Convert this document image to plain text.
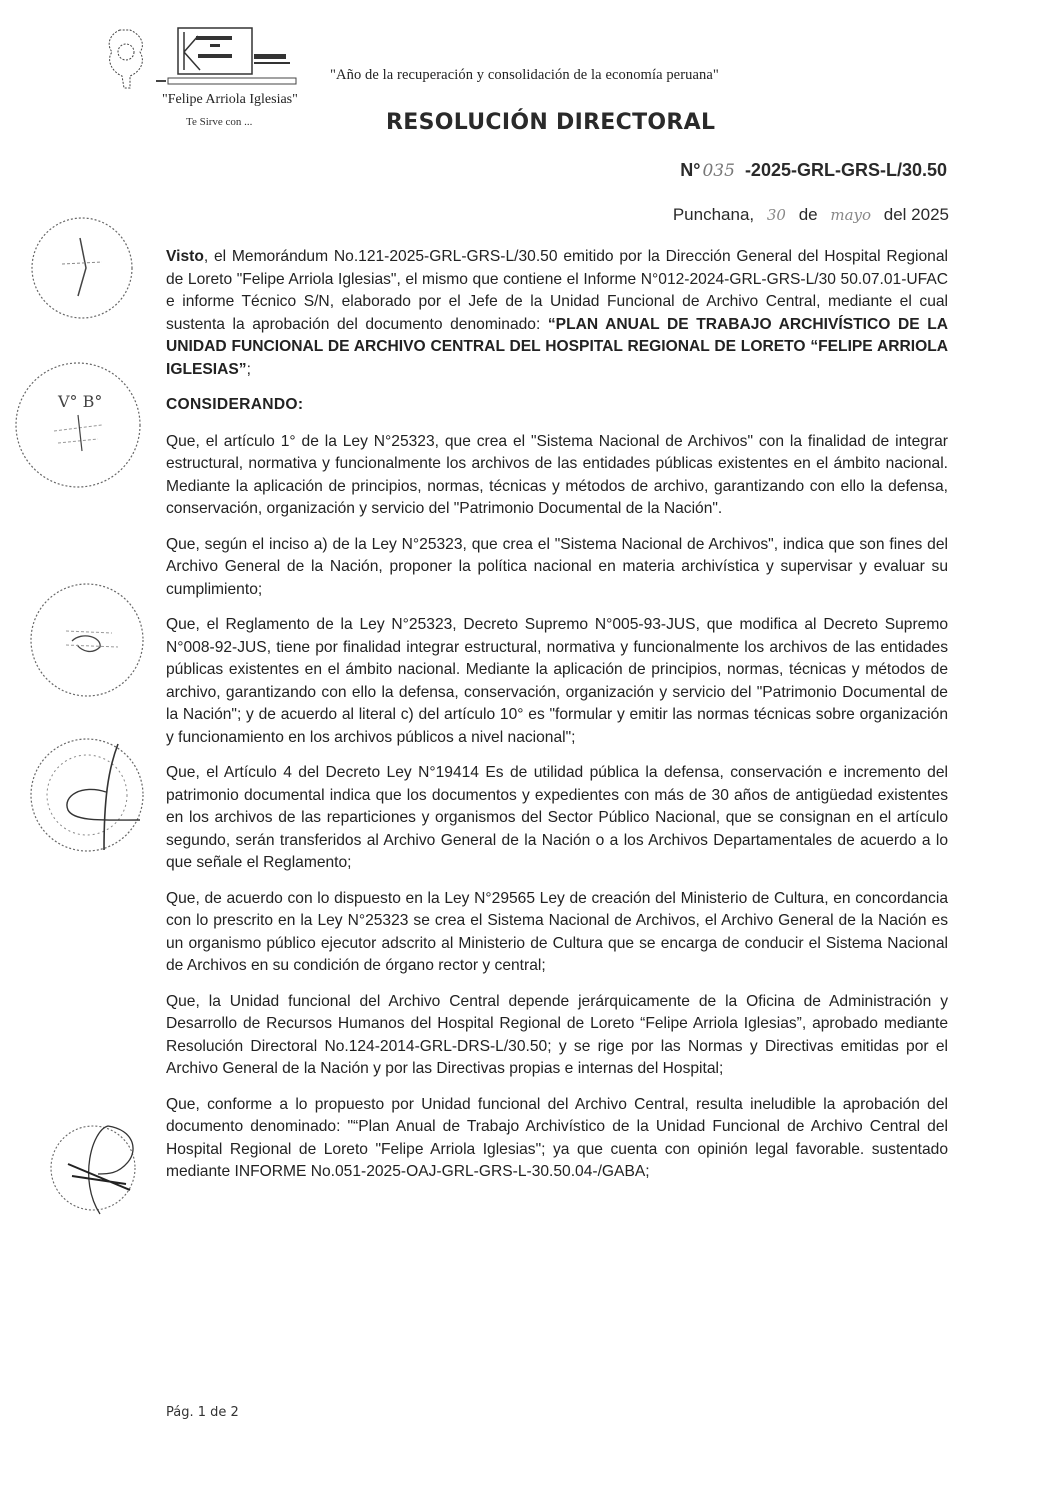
"Felipe Arriola Iglesias"
Te Sirve con ...
"Año de la recuperación y consolidación de la economía peruana"
RESOLUCIÓN DIRECTORAL
N° 035 -2025-GRL-GRS-L/30.50
Punchana, 30 de mayo del 2025
V° B°

Visto, el Memorándum No.121-2025-GRL-GRS-L/30.50 emitido por la Dirección General del Hospital Regional de Loreto "Felipe Arriola Iglesias", el mismo que contiene el Informe N°012-2024-GRL-GRS-L/30 50.07.01-UFAC e informe Técnico S/N, elaborado por el Jefe de la Unidad Funcional de Archivo Central, mediante el cual sustenta la aprobación del documento denominado: “PLAN ANUAL DE TRABAJO ARCHIVÍSTICO DE LA UNIDAD FUNCIONAL DE ARCHIVO CENTRAL DEL HOSPITAL REGIONAL DE LORETO “FELIPE ARRIOLA IGLESIAS”;

CONSIDERANDO:

Que, el artículo 1° de la Ley N°25323, que crea el "Sistema Nacional de Archivos" con la finalidad de integrar estructural, normativa y funcionalmente los archivos de las entidades públicas existentes en el ámbito nacional. Mediante la aplicación de principios, normas, técnicas y métodos de archivo, garantizando con ello la defensa, conservación, organización y servicio del "Patrimonio Documental de la Nación".

Que, según el inciso a) de la Ley N°25323, que crea el "Sistema Nacional de Archivos", indica que son fines del Archivo General de la Nación, proponer la política nacional en materia archivística y supervisar y evaluar su cumplimiento;

Que, el Reglamento de la Ley N°25323, Decreto Supremo N°005-93-JUS, que modifica al Decreto Supremo N°008-92-JUS, tiene por finalidad integrar estructural, normativa y funcionalmente los archivos de las entidades públicas existentes en el ámbito nacional. Mediante la aplicación de principios, normas, técnicas y métodos de archivo, garantizando con ello la defensa, conservación, organización y servicio del "Patrimonio Documental de la Nación"; y de acuerdo al literal c) del artículo 10° es "formular y emitir las normas técnicas sobre organización y funcionamiento en los archivos públicos a nivel nacional";

Que, el Artículo 4 del Decreto Ley N°19414 Es de utilidad pública la defensa, conservación e incremento del patrimonio documental indica que los documentos y expedientes con más de 30 años de antigüedad existentes en los archivos de las reparticiones y organismos del Sector Público Nacional, que se consignan en el artículo segundo, serán transferidos al Archivo General de la Nación o a los Archivos Departamentales de acuerdo a lo que señale el Reglamento;

Que, de acuerdo con lo dispuesto en la Ley N°29565 Ley de creación del Ministerio de Cultura, en concordancia con lo prescrito en la Ley N°25323 se crea el Sistema Nacional de Archivos, el Archivo General de la Nación es un organismo público ejecutor adscrito al Ministerio de Cultura que se encarga de conducir el Sistema Nacional de Archivos en su condición de órgano rector y central;

Que, la Unidad funcional del Archivo Central depende jerárquicamente de la Oficina de Administración y Desarrollo de Recursos Humanos del Hospital Regional de Loreto “Felipe Arriola Iglesias”, aprobado mediante Resolución Directoral No.124-2014-GRL-DRS-L/30.50; y se rige por las Normas y Directivas emitidas por el Archivo General de la Nación y por las Directivas propias e internas del Hospital;

Que, conforme a lo propuesto por Unidad funcional del Archivo Central, resulta ineludible la aprobación del documento denominado: "“Plan Anual de Trabajo Archivístico de la Unidad Funcional de Archivo Central del Hospital Regional de Loreto "Felipe Arriola Iglesias"; ya que cuenta con opinión legal favorable. sustentado mediante INFORME No.051-2025-OAJ-GRL-GRS-L-30.50.04-/GABA;

Pág. 1 de 2
